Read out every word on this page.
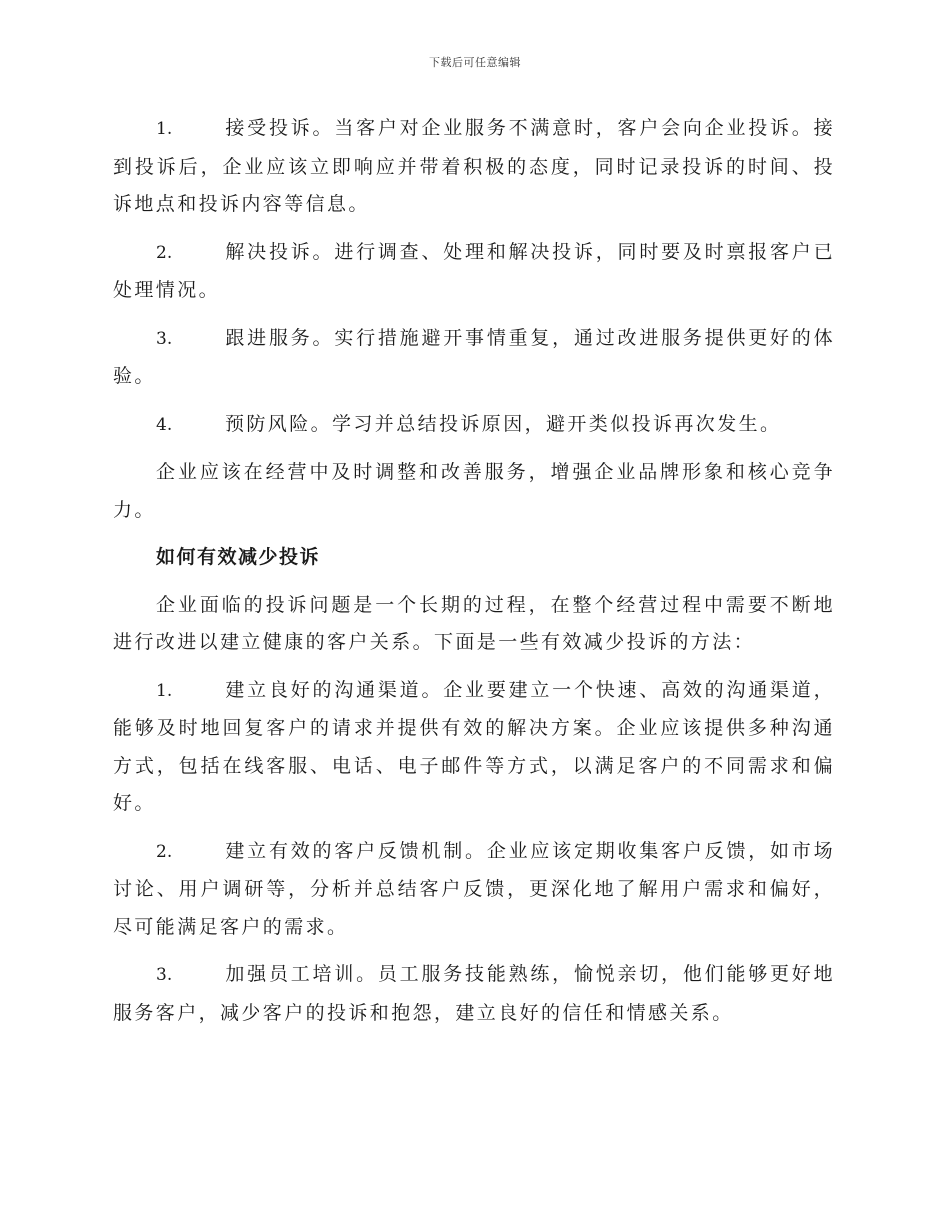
下载后可任意编辑

1.	接受投诉。当客户对企业服务不满意时，客户会向企业投诉。接到投诉后，企业应该立即响应并带着积极的态度，同时记录投诉的时间、投诉地点和投诉内容等信息。

2.	解决投诉。进行调查、处理和解决投诉，同时要及时禀报客户已处理情况。

3.	跟进服务。实行措施避开事情重复，通过改进服务提供更好的体验。

4.	预防风险。学习并总结投诉原因，避开类似投诉再次发生。

企业应该在经营中及时调整和改善服务，增强企业品牌形象和核心竞争力。

如何有效减少投诉

企业面临的投诉问题是一个长期的过程，在整个经营过程中需要不断地进行改进以建立健康的客户关系。下面是一些有效减少投诉的方法：

1.	建立良好的沟通渠道。企业要建立一个快速、高效的沟通渠道，能够及时地回复客户的请求并提供有效的解决方案。企业应该提供多种沟通方式，包括在线客服、电话、电子邮件等方式，以满足客户的不同需求和偏好。

2.	建立有效的客户反馈机制。企业应该定期收集客户反馈，如市场讨论、用户调研等，分析并总结客户反馈，更深化地了解用户需求和偏好，尽可能满足客户的需求。

3.	加强员工培训。员工服务技能熟练，愉悦亲切，他们能够更好地服务客户，减少客户的投诉和抱怨，建立良好的信任和情感关系。
